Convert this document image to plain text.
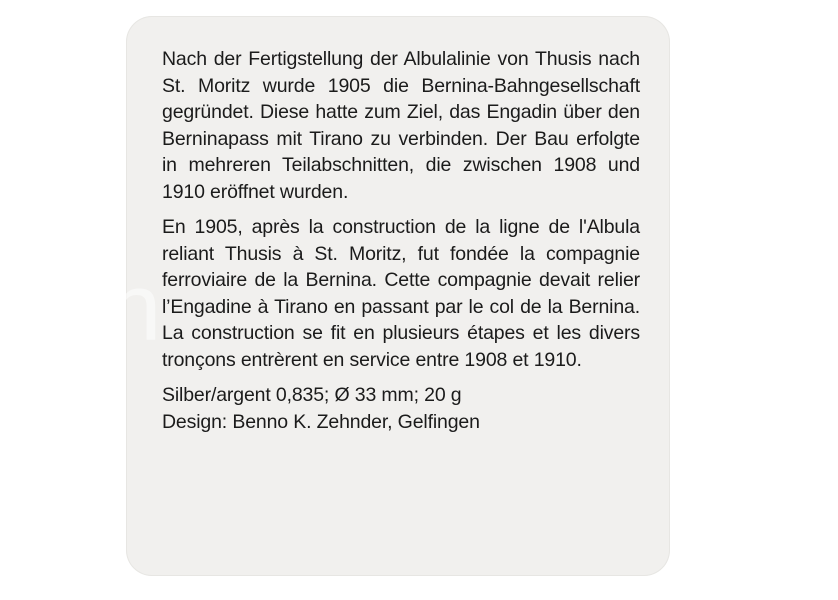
sch	.ch

Nach der Fertigstellung der Albulalinie von Thusis nach St. Moritz wurde 1905 die Bernina-Bahngesellschaft gegründet. Diese hatte zum Ziel, das Engadin über den Berninapass mit Tirano zu verbinden. Der Bau erfolgte in mehreren Teilabschnitten, die zwischen 1908 und 1910 eröffnet wurden.

En 1905, après la construction de la ligne de l'Albula reliant Thusis à St. Moritz, fut fondée la compagnie ferroviaire de la Bernina. Cette compagnie devait relier l’Engadine à Tirano en passant par le col de la Bernina. La construction se fit en plusieurs étapes et les divers tronçons entrèrent en service entre 1908 et 1910.

Silber/argent 0,835; Ø 33 mm; 20 g

Design: Benno K. Zehnder, Gelfingen
